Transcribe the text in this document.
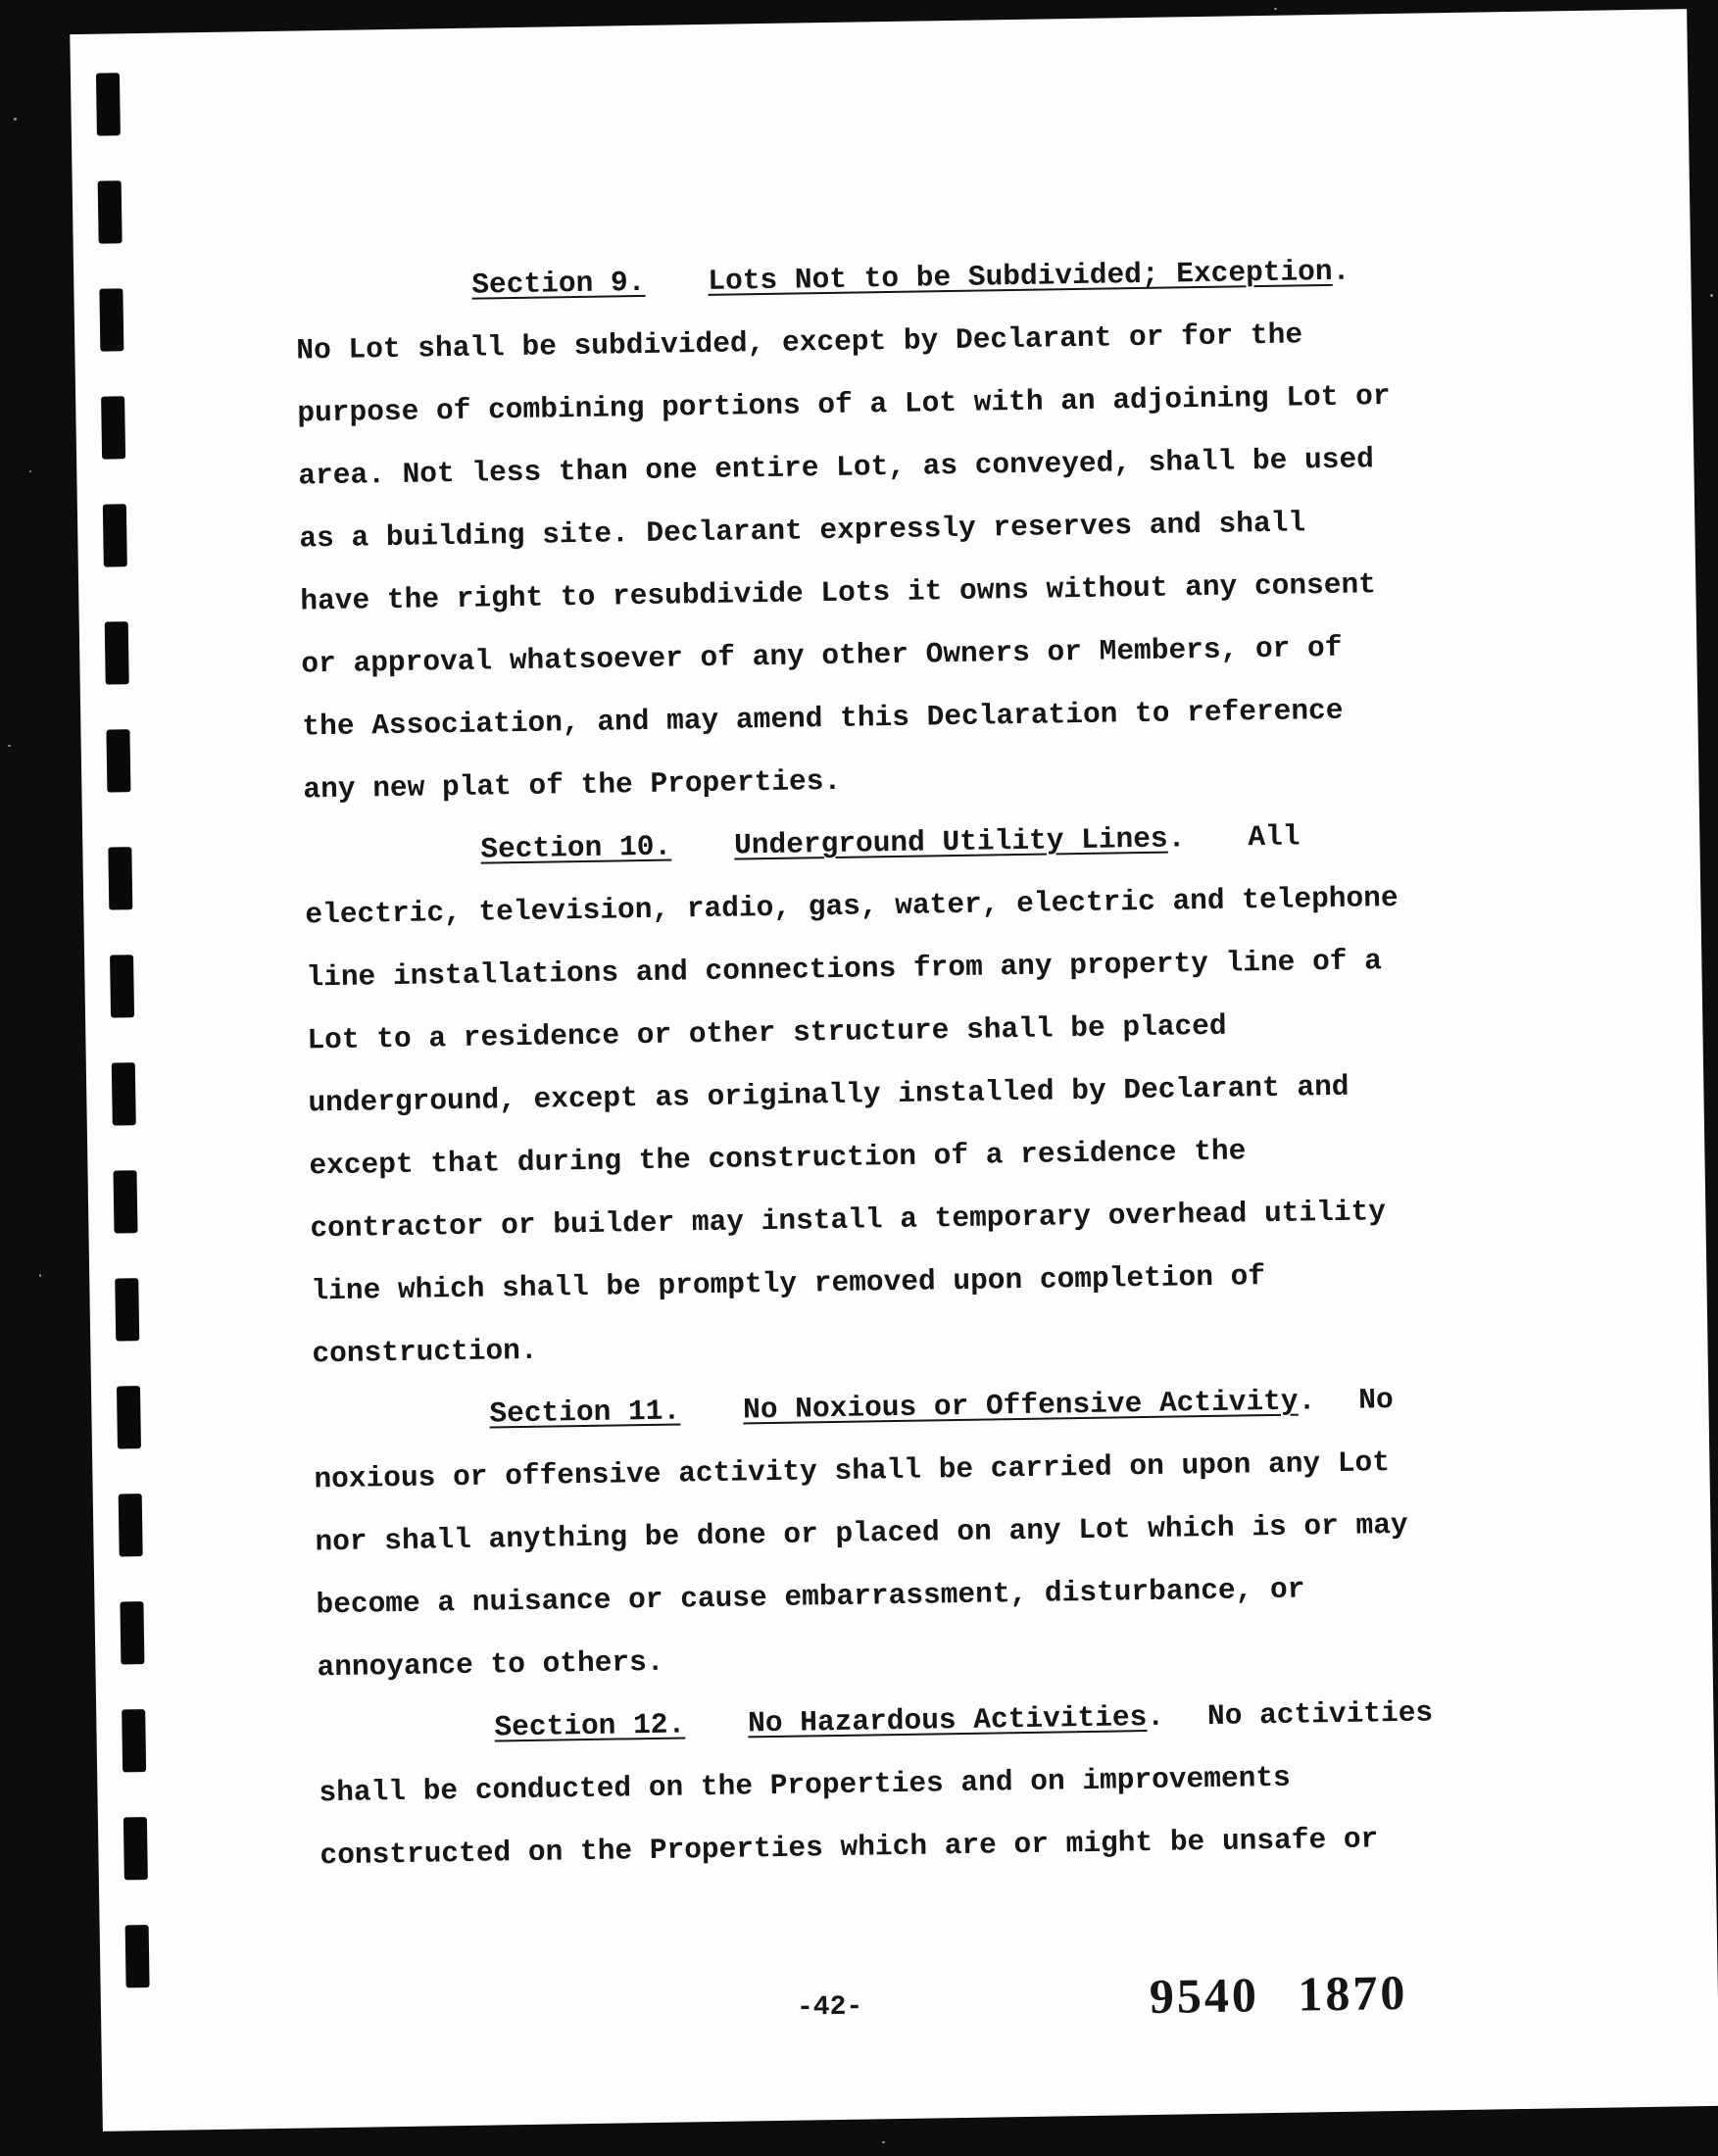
Section 9. Lots Not to be Subdivided; Exception.
No Lot shall be subdivided, except by Declarant or for the
purpose of combining portions of a Lot with an adjoining Lot or
area. Not less than one entire Lot, as conveyed, shall be used
as a building site. Declarant expressly reserves and shall
have the right to resubdivide Lots it owns without any consent
or approval whatsoever of any other Owners or Members, or of
the Association, and may amend this Declaration to reference
any new plat of the Properties.
Section 10. Underground Utility Lines. All
electric, television, radio, gas, water, electric and telephone
line installations and connections from any property line of a
Lot to a residence or other structure shall be placed
underground, except as originally installed by Declarant and
except that during the construction of a residence the
contractor or builder may install a temporary overhead utility
line which shall be promptly removed upon completion of
construction.
Section 11. No Noxious or Offensive Activity. No
noxious or offensive activity shall be carried on upon any Lot
nor shall anything be done or placed on any Lot which is or may
become a nuisance or cause embarrassment, disturbance, or
annoyance to others.
Section 12. No Hazardous Activities. No activities
shall be conducted on the Properties and on improvements
constructed on the Properties which are or might be unsafe or
-42-	9540 1870
